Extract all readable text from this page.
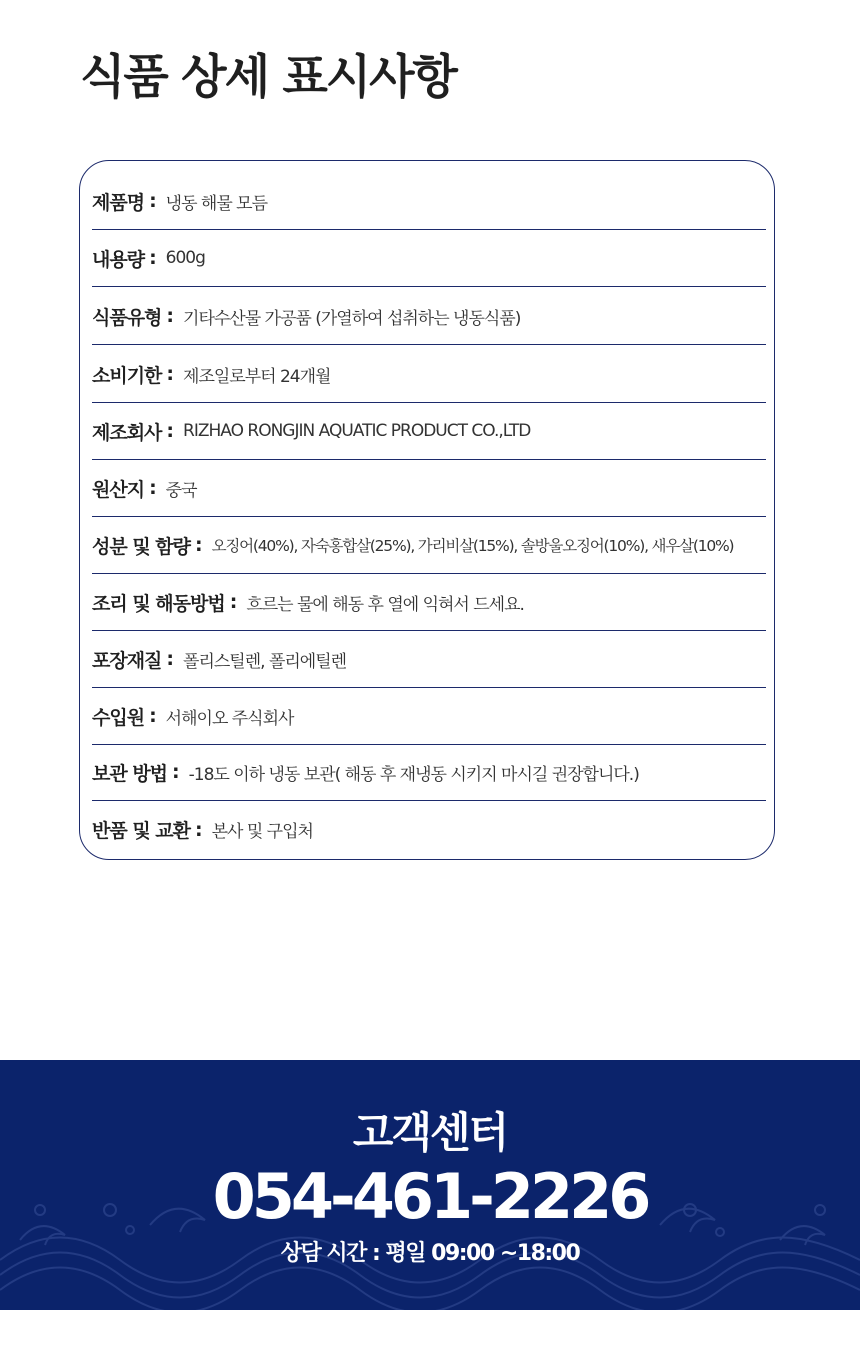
식품 상세 표시사항
제품명 : 냉동 해물 모듬
내용량 : 600g
식품유형 : 기타수산물 가공품 (가열하여 섭취하는 냉동식품)
소비기한 : 제조일로부터 24개월
제조회사 : RIZHAO RONGJIN AQUATIC PRODUCT CO.,LTD
원산지 : 중국
성분 및 함량 : 오징어(40%), 자숙홍합살(25%), 가리비살(15%), 솔방울오징어(10%), 새우살(10%)
조리 및 해동방법 : 흐르는 물에 해동 후 열에 익혀서 드세요.
포장재질 : 폴리스틸렌, 폴리에틸렌
수입원 : 서해이오 주식회사
보관 방법 : -18도 이하 냉동 보관( 해동 후 재냉동 시키지 마시길 권장합니다.)
반품 및 교환 : 본사 및 구입처
고객센터
054-461-2226
상담 시간 : 평일 09:00 ~18:00
